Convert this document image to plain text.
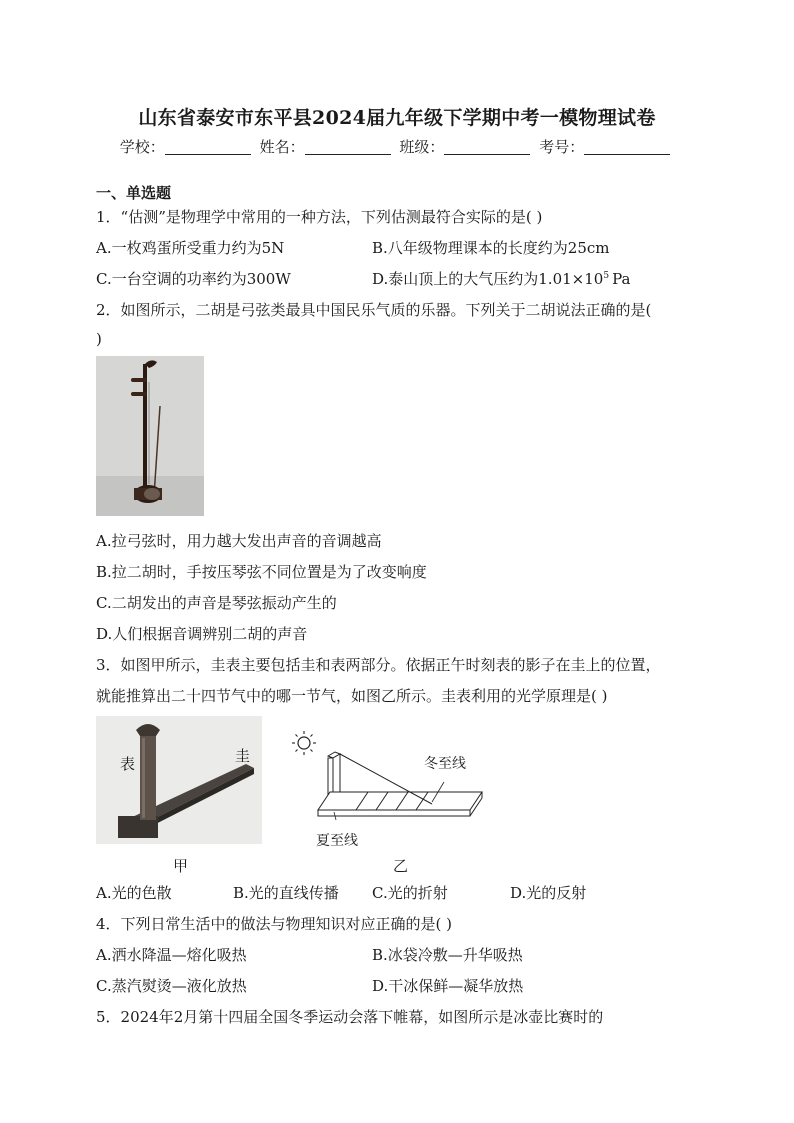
山东省泰安市东平县2024届九年级下学期中考一模物理试卷
学校：	姓名：	班级：	考号：
一、单选题
1．“估测”是物理学中常用的一种方法，下列估测最符合实际的是( )
A.一枚鸡蛋所受重力约为5N	B.八年级物理课本的长度约为25cm
C.一台空调的功率约为300W	D.泰山顶上的大气压约为$1.01\times 10^5$ Pa
2．如图所示，二胡是弓弦类最具中国民乐气质的乐器。下列关于二胡说法正确的是(
)
A.拉弓弦时，用力越大发出声音的音调越高
B.拉二胡时，手按压琴弦不同位置是为了改变响度
C.二胡发出的声音是琴弦振动产生的
D.人们根据音调辨别二胡的声音
3．如图甲所示，圭表主要包括圭和表两部分。依据正午时刻表的影子在圭上的位置，
就能推算出二十四节气中的哪一节气，如图乙所示。圭表利用的光学原理是( )
表	圭	冬至线
夏至线
甲	乙
A.光的色散	B.光的直线传播 C.光的折射	D.光的反射
4．下列日常生活中的做法与物理知识对应正确的是( )
A.洒水降温—熔化吸热	B.冰袋冷敷—升华吸热
C.蒸汽熨烫—液化放热	D.干冰保鲜—凝华放热
5．2024年2月第十四届全国冬季运动会落下帷幕，如图所示是冰壶比赛时的
